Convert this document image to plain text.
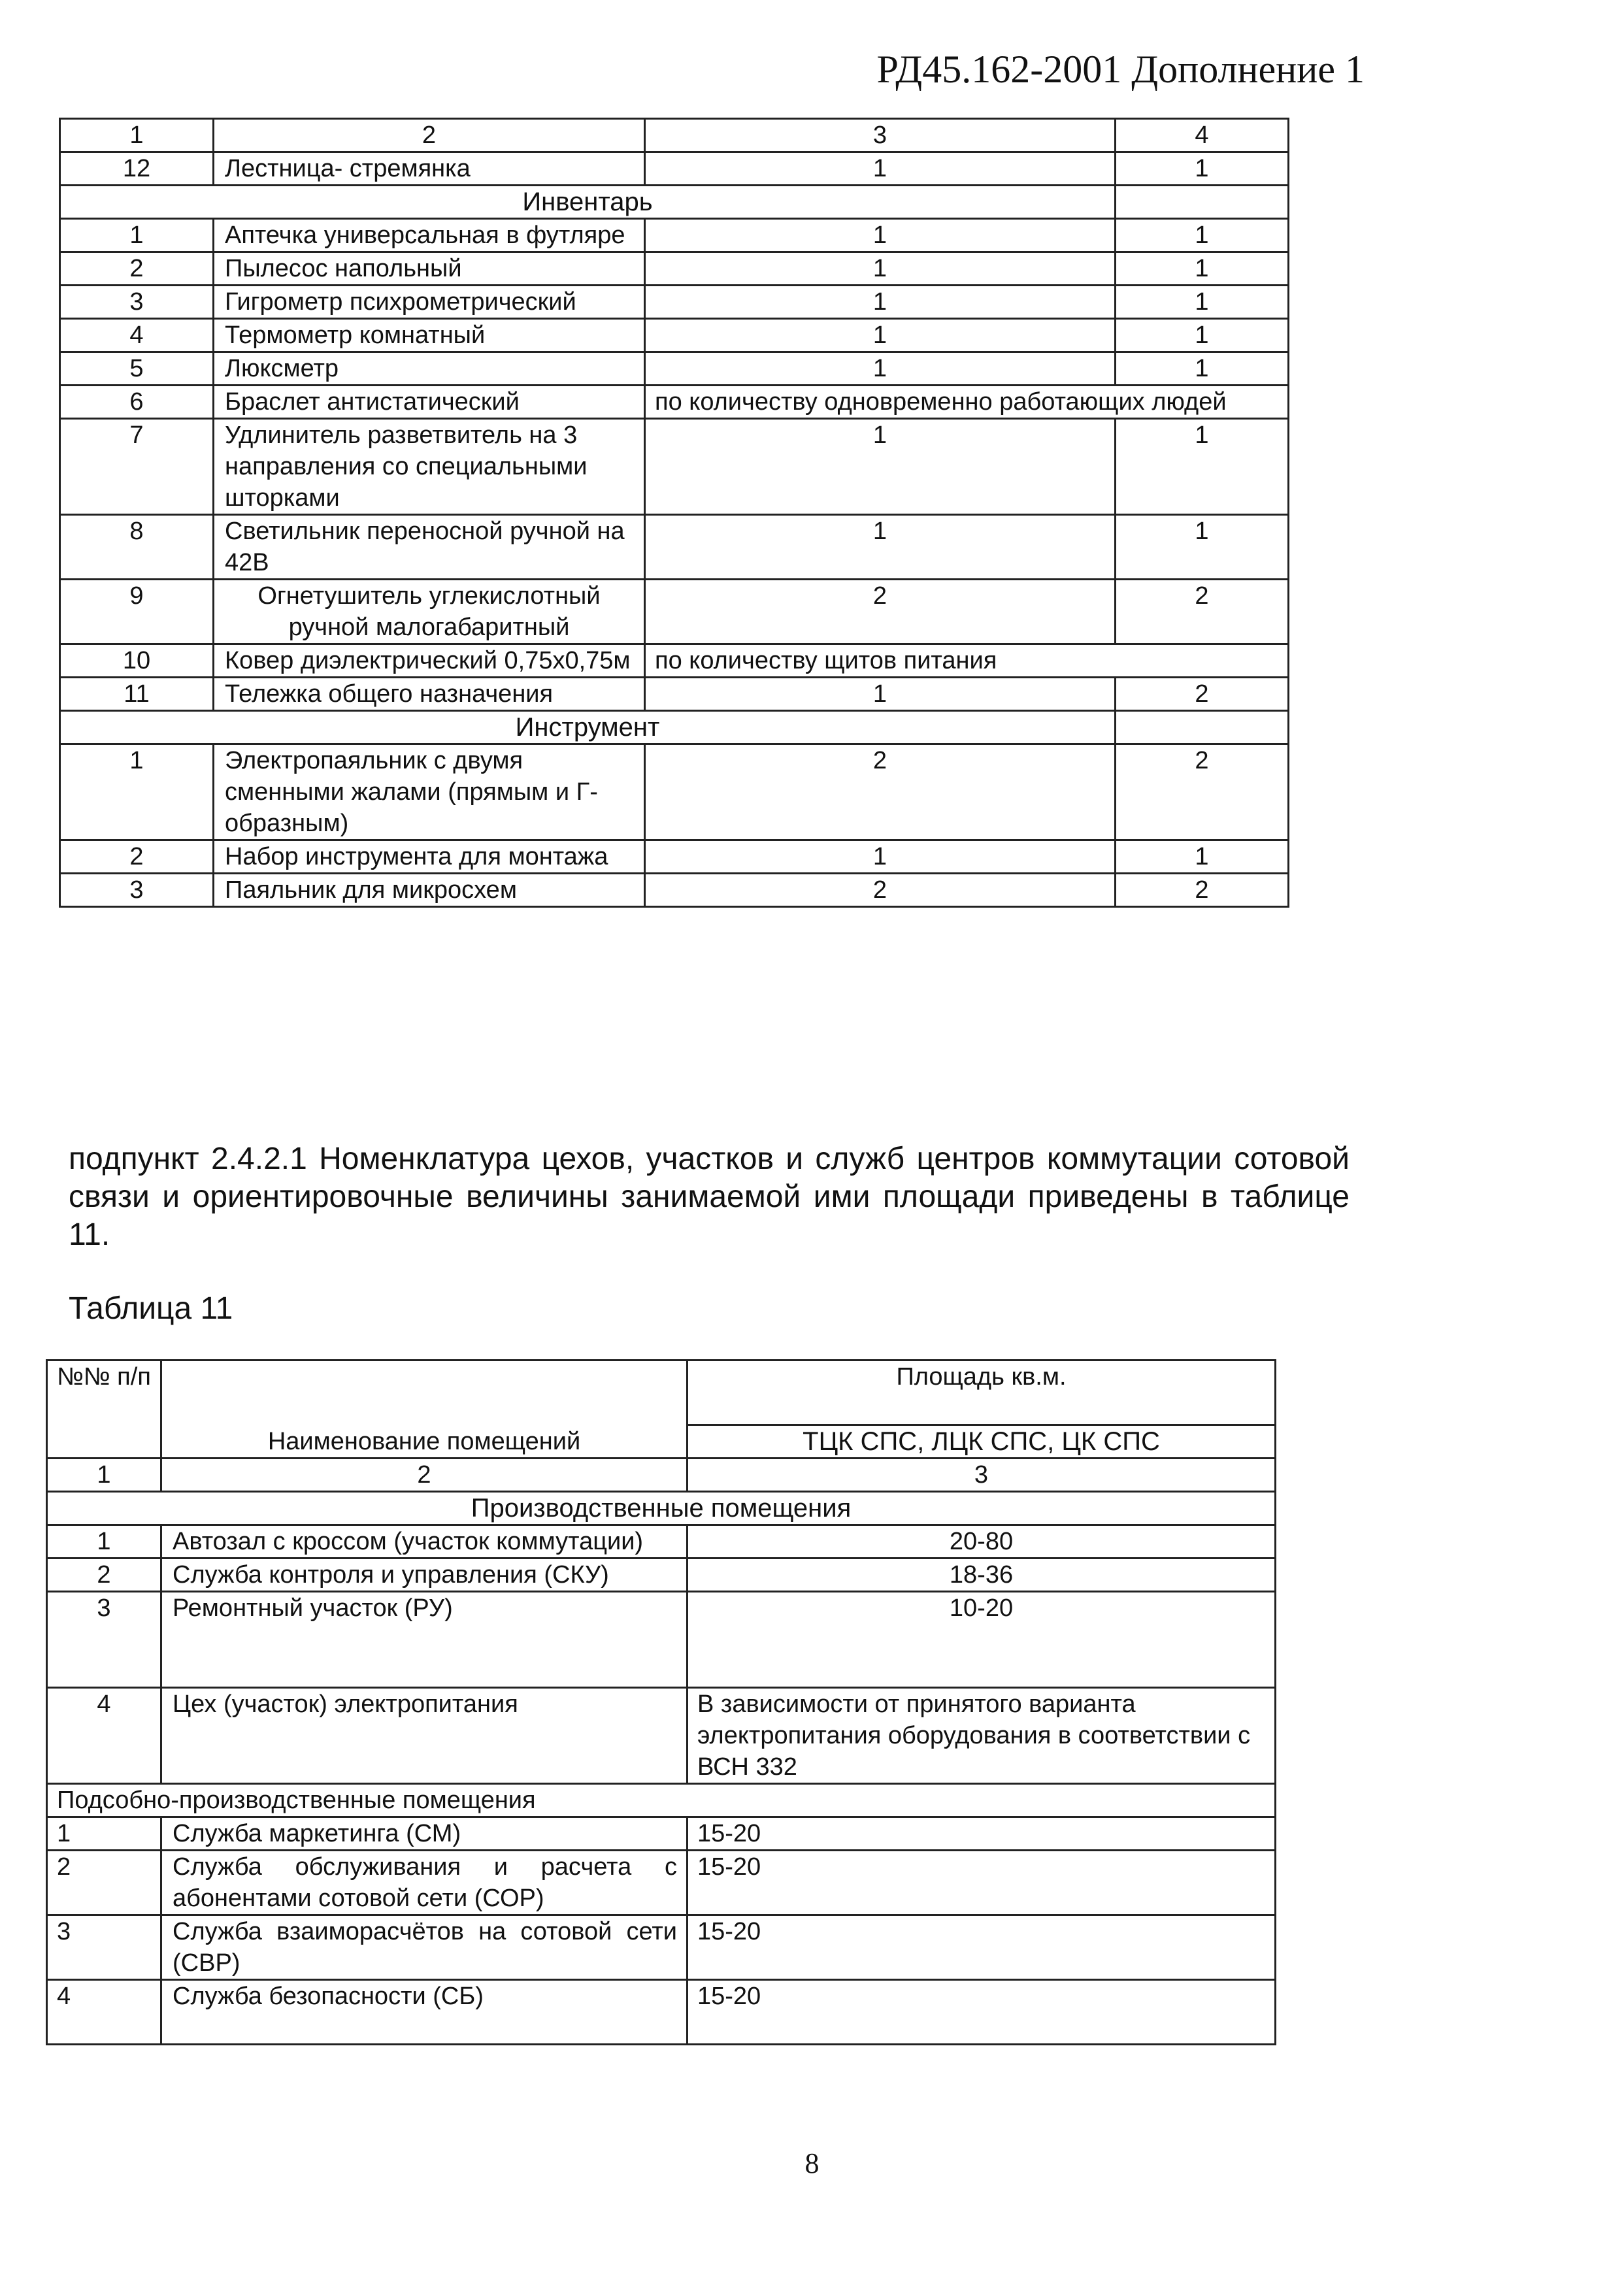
РД45.162-2001 Дополнение 1
1	2	3	4
12	Лестница- стремянка	1	1
Инвентарь			
1	Аптечка универсальная в футляре	1	1
2	Пылесос напольный	1	1
3	Гигрометр психрометрический	1	1
4	Термометр комнатный	1	1
5	Люксметр	1	1
6	Браслет антистатический	по количеству одновременно работающих людей	
7	Удлинитель разветвитель на 3 направления со специальными шторками	1	1
8	Светильник переносной ручной на 42В	1	1
9	Огнетушитель углекислотный ручной малогабаритный	2	2
10	Ковер диэлектрический 0,75х0,75м	по количеству щитов питания	
11	Тележка общего назначения	1	2
Инструмент			
1	Электропаяльник с двумя сменными жалами (прямым и Г-образным)	2	2
2	Набор инструмента для монтажа	1	1
3	Паяльник для микросхем	2	2
подпункт 2.4.2.1 Номенклатура цехов, участков и служб центров коммутации сотовой связи и ориентировочные величины занимаемой ими площади приведены в таблице 11.
Таблица 11
№№ п/п	Наименование помещений	Площадь кв.м.
		ТЦК СПС, ЛЦК СПС, ЦК СПС
1	2	3
Производственные помещения		
1	Автозал с кроссом (участок коммутации)	20-80
2	Служба контроля и управления (СКУ)	18-36
3	Ремонтный участок (РУ)	10-20
4	Цех (участок) электропитания	В зависимости от принятого варианта электропитания оборудования в соответствии с ВСН 332
Подсобно-производственные помещения		
1	Служба маркетинга (СМ)	15-20
2	Служба обслуживания и расчета с абонентами сотовой сети (СОР)	15-20
3	Служба взаиморасчётов на сотовой сети (СВР)	15-20
4	Служба безопасности (СБ)	15-20
8
